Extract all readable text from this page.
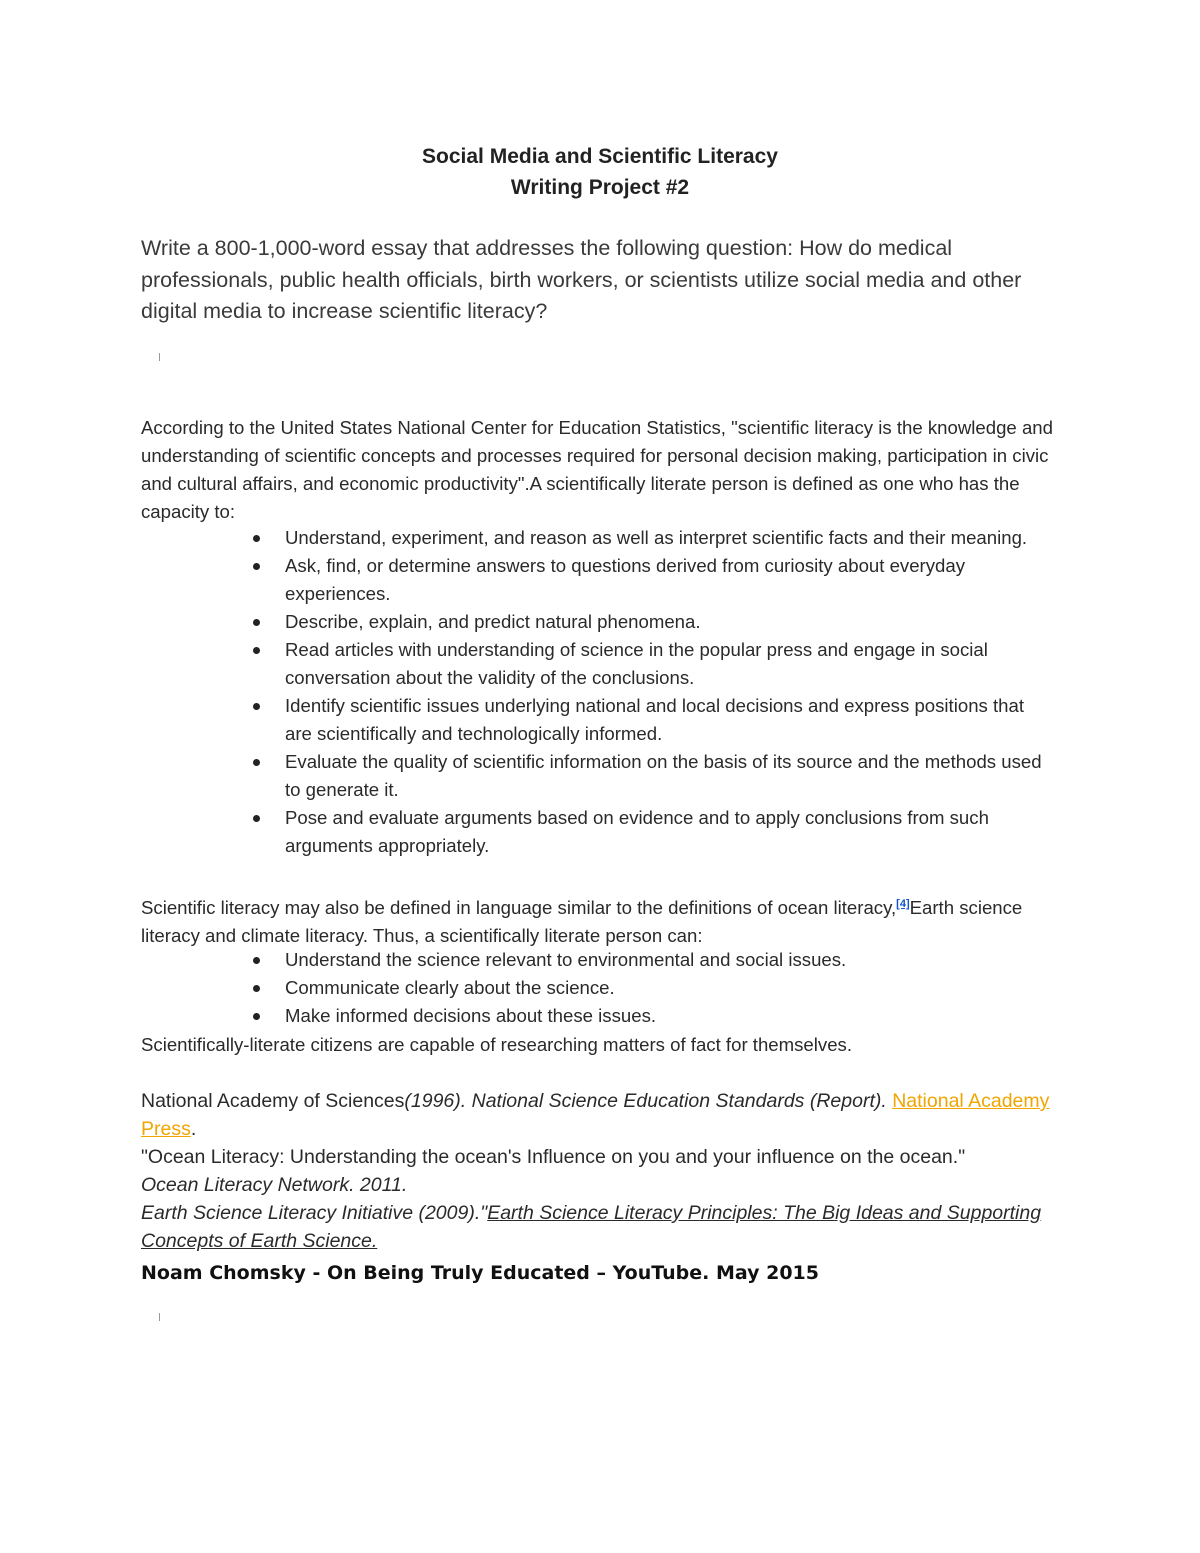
Social Media and Scientific Literacy
Writing Project #2
Write a 800-1,000-word essay that addresses the following question: How do medical professionals, public health officials, birth workers, or scientists utilize social media and other digital media to increase scientific literacy?
According to the United States National Center for Education Statistics, "scientific literacy is the knowledge and understanding of scientific concepts and processes required for personal decision making, participation in civic and cultural affairs, and economic productivity".A scientifically literate person is defined as one who has the capacity to:
Understand, experiment, and reason as well as interpret scientific facts and their meaning.
Ask, find, or determine answers to questions derived from curiosity about everyday experiences.
Describe, explain, and predict natural phenomena.
Read articles with understanding of science in the popular press and engage in social conversation about the validity of the conclusions.
Identify scientific issues underlying national and local decisions and express positions that are scientifically and technologically informed.
Evaluate the quality of scientific information on the basis of its source and the methods used to generate it.
Pose and evaluate arguments based on evidence and to apply conclusions from such arguments appropriately.
Scientific literacy may also be defined in language similar to the definitions of ocean literacy,[4]Earth science literacy and climate literacy. Thus, a scientifically literate person can:
Understand the science relevant to environmental and social issues.
Communicate clearly about the science.
Make informed decisions about these issues.
Scientifically-literate citizens are capable of researching matters of fact for themselves.

National Academy of Sciences(1996). National Science Education Standards (Report). National Academy Press.

"Ocean Literacy: Understanding the ocean's Influence on you and your influence on the ocean."
Ocean Literacy Network. 2011.

Earth Science Literacy Initiative (2009)."Earth Science Literacy Principles: The Big Ideas and Supporting Concepts of Earth Science.

Noam Chomsky - On Being Truly Educated – YouTube. May 2015
